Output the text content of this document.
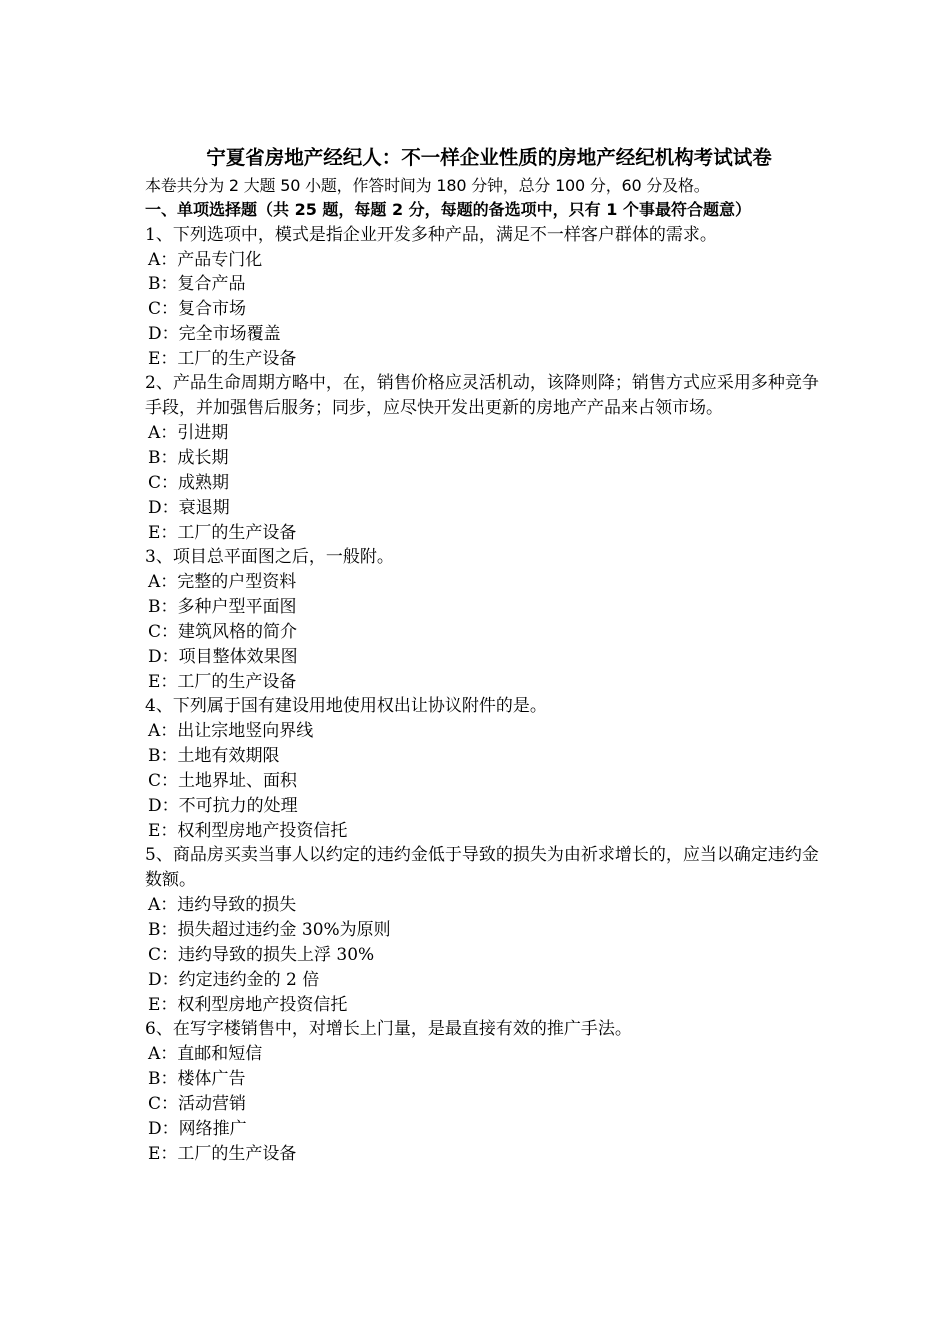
宁夏省房地产经纪人：不一样企业性质的房地产经纪机构考试试卷
本卷共分为 2 大题 50 小题，作答时间为 180 分钟，总分 100 分，60 分及格。
一、单项选择题（共 25 题，每题 2 分，每题的备选项中，只有 1 个事最符合题意）
1、下列选项中，模式是指企业开发多种产品，满足不一样客户群体的需求。
A：产品专门化
B：复合产品
C：复合市场
D：完全市场覆盖
E：工厂的生产设备
2、产品生命周期方略中，在，销售价格应灵活机动，该降则降；销售方式应采用多种竞争手段，并加强售后服务；同步，应尽快开发出更新的房地产产品来占领市场。
A：引进期
B：成长期
C：成熟期
D：衰退期
E：工厂的生产设备
3、项目总平面图之后，一般附。
A：完整的户型资料
B：多种户型平面图
C：建筑风格的简介
D：项目整体效果图
E：工厂的生产设备
4、下列属于国有建设用地使用权出让协议附件的是。
A：出让宗地竖向界线
B：土地有效期限
C：土地界址、面积
D：不可抗力的处理
E：权利型房地产投资信托
5、商品房买卖当事人以约定的违约金低于导致的损失为由祈求增长的，应当以确定违约金数额。
A：违约导致的损失
B：损失超过违约金 30%为原则
C：违约导致的损失上浮 30%
D：约定违约金的 2 倍
E：权利型房地产投资信托
6、在写字楼销售中，对增长上门量，是最直接有效的推广手法。
A：直邮和短信
B：楼体广告
C：活动营销
D：网络推广
E：工厂的生产设备
